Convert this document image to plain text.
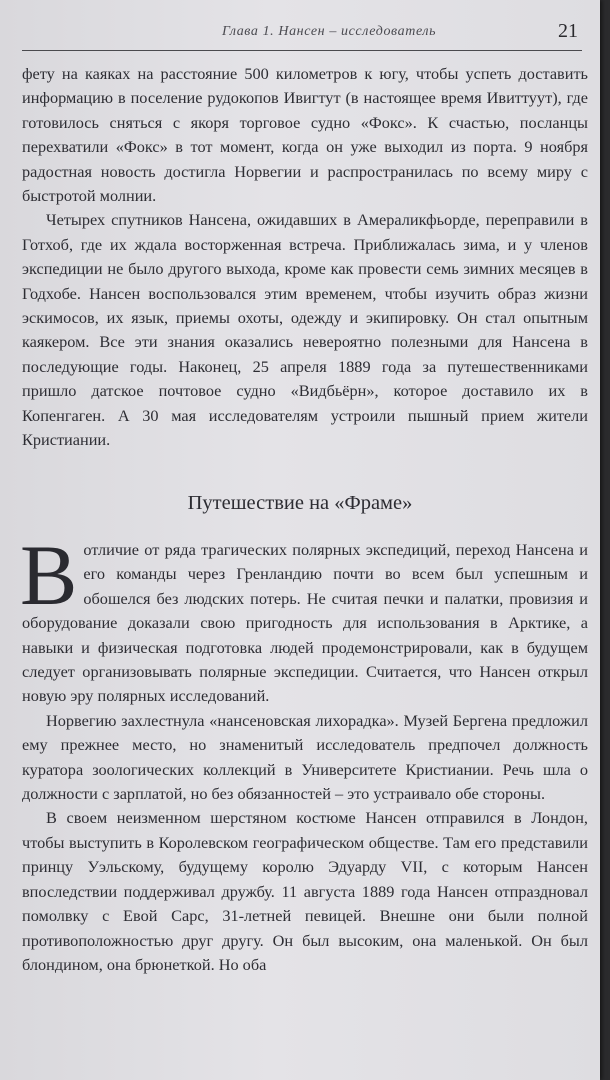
Глава 1. Нансен – исследователь	21

фету на каяках на расстояние 500 километров к югу, чтобы успеть доставить информацию в поселение рудокопов Ивигтут (в настоящее время Ивиттуут), где готовилось сняться с якоря торговое судно «Фокс». К счастью, посланцы перехватили «Фокс» в тот момент, когда он уже выходил из порта. 9 ноября радостная новость достигла Норвегии и распространилась по всему миру с быстротой молнии.

Четырех спутников Нансена, ожидавших в Амераликфьорде, переправили в Готхоб, где их ждала восторженная встреча. Приближалась зима, и у членов экспедиции не было другого выхода, кроме как провести семь зимних месяцев в Годхобе. Нансен воспользовался этим временем, чтобы изучить образ жизни эскимосов, их язык, приемы охоты, одежду и экипировку. Он стал опытным каякером. Все эти знания оказались невероятно полезными для Нансена в последующие годы. Наконец, 25 апреля 1889 года за путешественниками пришло датское почтовое судно «Видбьёрн», которое доставило их в Копенгаген. А 30 мая исследователям устроили пышный прием жители Кристиании.

Путешествие на «Фраме»

Вотличие от ряда трагических полярных экспедиций, переход Нансена и его команды через Гренландию почти во всем был успешным и обошелся без людских потерь. Не считая печки и палатки, провизия и оборудование доказали свою пригодность для использования в Арктике, а навыки и физическая подготовка людей продемонстрировали, как в будущем следует организовывать полярные экспедиции. Считается, что Нансен открыл новую эру полярных исследований.

Норвегию захлестнула «нансеновская лихорадка». Музей Бергена предложил ему прежнее место, но знаменитый исследователь предпочел должность куратора зоологических коллекций в Университете Кристиании. Речь шла о должности с зарплатой, но без обязанностей – это устраивало обе стороны.

В своем неизменном шерстяном костюме Нансен отправился в Лондон, чтобы выступить в Королевском географическом обществе. Там его представили принцу Уэльскому, будущему королю Эдуарду VII, с которым Нансен впоследствии поддерживал дружбу. 11 августа 1889 года Нансен отпраздновал помолвку с Евой Сарс, 31-летней певицей. Внешне они были полной противоположностью друг другу. Он был высоким, она маленькой. Он был блондином, она брюнеткой. Но оба
